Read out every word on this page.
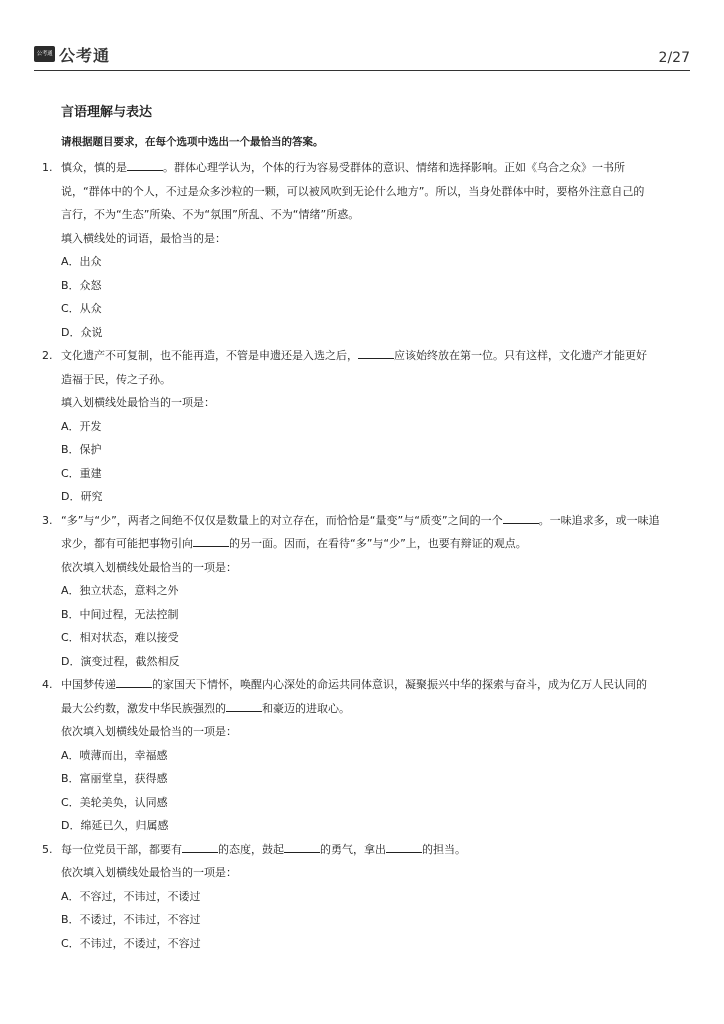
公考通 公考通	2/27
言语理解与表达
请根据题目要求，在每个选项中选出一个最恰当的答案。
1. 慎众，慎的是	。群体心理学认为，个体的行为容易受群体的意识、情绪和选择影响。正如《乌合之众》一书所
说，“群体中的个人，不过是众多沙粒的一颗，可以被风吹到无论什么地方”。所以，当身处群体中时，要格外注意自己的
言行，不为“生态”所染、不为“氛围”所乱、不为“情绪”所惑。
填入横线处的词语，最恰当的是：
A．出众
B．众怒
C．从众
D．众说
2. 文化遗产不可复制，也不能再造，不管是申遗还是入选之后，	应该始终放在第一位。只有这样，文化遗产才能更好
造福于民，传之子孙。
填入划横线处最恰当的一项是：
A．开发
B．保护
C．重建
D．研究
3. “多”与“少”，两者之间绝不仅仅是数量上的对立存在，而恰恰是“量变”与“质变”之间的一个	。一味追求多，或一味追
求少，都有可能把事物引向	的另一面。因而，在看待“多”与“少”上，也要有辩证的观点。
依次填入划横线处最恰当的一项是：
A．独立状态，意料之外
B．中间过程，无法控制
C．相对状态，难以接受
D．演变过程，截然相反
4. 中国梦传递	的家国天下情怀，唤醒内心深处的命运共同体意识，凝聚振兴中华的探索与奋斗，成为亿万人民认同的
最大公约数，激发中华民族强烈的	和豪迈的进取心。
依次填入划横线处最恰当的一项是：
A．喷薄而出，幸福感
B．富丽堂皇，获得感
C．美轮美奂，认同感
D．绵延已久，归属感
5. 每一位党员干部，都要有	的态度，鼓起	的勇气，拿出	的担当。
依次填入划横线处最恰当的一项是：
A．不容过，不讳过，不诿过
B．不诿过，不讳过，不容过
C．不讳过，不诿过，不容过
